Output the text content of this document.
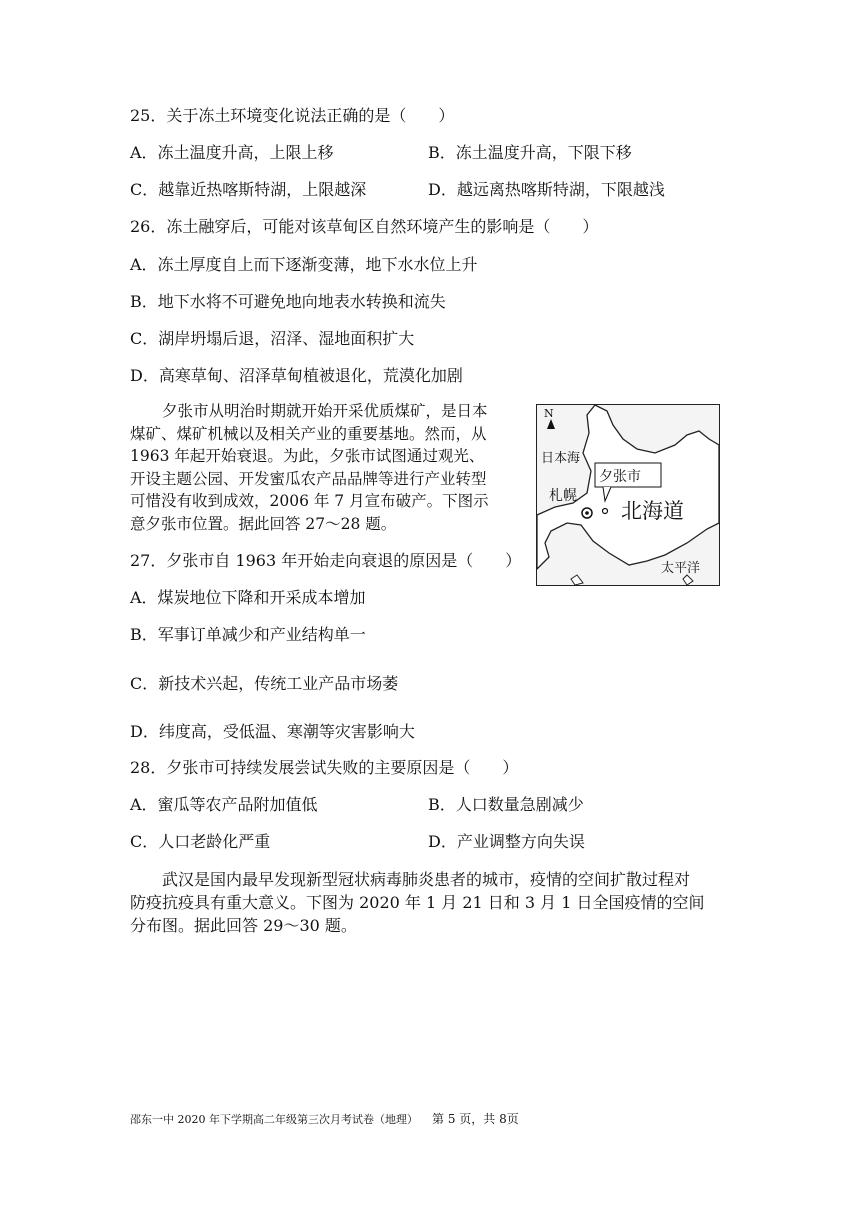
25．关于冻土环境变化说法正确的是（　　）
A．冻土温度升高，上限上移	B．冻土温度升高，下限下移
C．越靠近热喀斯特湖，上限越深	D．越远离热喀斯特湖，下限越浅
26．冻土融穿后，可能对该草甸区自然环境产生的影响是（　　）
A．冻土厚度自上而下逐渐变薄，地下水水位上升
B．地下水将不可避免地向地表水转换和流失
C．湖岸坍塌后退，沼泽、湿地面积扩大
D．高寒草甸、沼泽草甸植被退化，荒漠化加剧
夕张市从明治时期就开始开采优质煤矿，是日本
煤矿、煤矿机械以及相关产业的重要基地。然而，从
1963 年起开始衰退。为此，夕张市试图通过观光、
开设主题公园、开发蜜瓜农产品品牌等进行产业转型
可惜没有收到成效，2006 年 7 月宣布破产。下图示
意夕张市位置。据此回答 27～28 题。
N
日本海
夕张市
札幌
北海道
太平洋
27．夕张市自 1963 年开始走向衰退的原因是（　　）
A．煤炭地位下降和开采成本增加
B．军事订单减少和产业结构单一
C．新技术兴起，传统工业产品市场萎
D．纬度高，受低温、寒潮等灾害影响大
28．夕张市可持续发展尝试失败的主要原因是（　　）
A．蜜瓜等农产品附加值低	B．人口数量急剧减少
C．人口老龄化严重	D．产业调整方向失误
武汉是国内最早发现新型冠状病毒肺炎患者的城市，疫情的空间扩散过程对
防疫抗疫具有重大意义。下图为 2020 年 1 月 21 日和 3 月 1 日全国疫情的空间
分布图。据此回答 29～30 题。
邵东一中 2020 年下学期高二年级第三次月考试卷（地理） 第 5 页，共 8页
